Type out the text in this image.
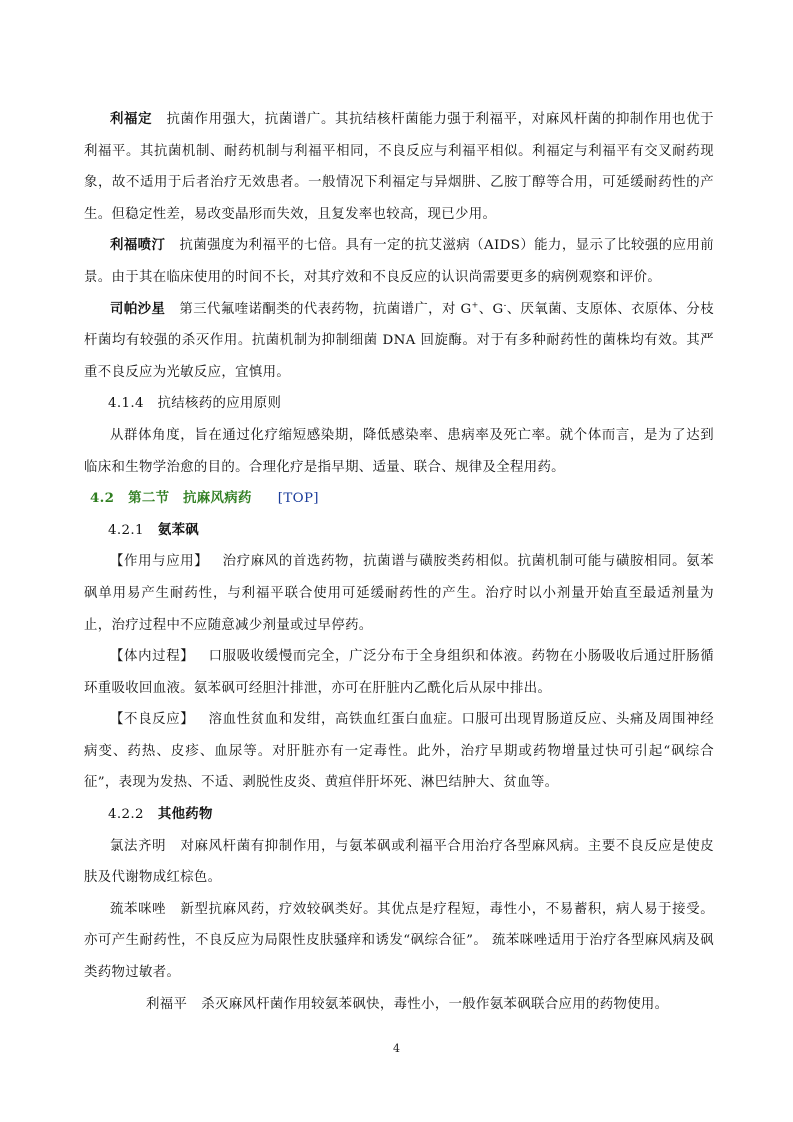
利福定 抗菌作用强大，抗菌谱广。其抗结核杆菌能力强于利福平，对麻风杆菌的抑制作用也优于利福平。其抗菌机制、耐药机制与利福平相同，不良反应与利福平相似。利福定与利福平有交叉耐药现象，故不适用于后者治疗无效患者。一般情况下利福定与异烟肼、乙胺丁醇等合用，可延缓耐药性的产生。但稳定性差，易改变晶形而失效，且复发率也较高，现已少用。

利福喷汀 抗菌强度为利福平的七倍。具有一定的抗艾滋病（AIDS）能力，显示了比较强的应用前景。由于其在临床使用的时间不长，对其疗效和不良反应的认识尚需要更多的病例观察和评价。

司帕沙星 第三代氟喹诺酮类的代表药物，抗菌谱广，对 G+、G-、厌氧菌、支原体、衣原体、分枝杆菌均有较强的杀灭作用。抗菌机制为抑制细菌 DNA 回旋酶。对于有多种耐药性的菌株均有效。其严重不良反应为光敏反应，宜慎用。

4.1.4　抗结核药的应用原则

从群体角度，旨在通过化疗缩短感染期，降低感染率、患病率及死亡率。就个体而言，是为了达到临床和生物学治愈的目的。合理化疗是指早期、适量、联合、规律及全程用药。

4.2　第二节　抗麻风病药 [TOP]

4.2.1 氨苯砜

【作用与应用】 治疗麻风的首选药物，抗菌谱与磺胺类药相似。抗菌机制可能与磺胺相同。氨苯砜单用易产生耐药性，与利福平联合使用可延缓耐药性的产生。治疗时以小剂量开始直至最适剂量为止，治疗过程中不应随意减少剂量或过早停药。

【体内过程】 口服吸收缓慢而完全，广泛分布于全身组织和体液。药物在小肠吸收后通过肝肠循环重吸收回血液。氨苯砜可经胆汁排泄，亦可在肝脏内乙酰化后从尿中排出。

【不良反应】 溶血性贫血和发绀，高铁血红蛋白血症。口服可出现胃肠道反应、头痛及周围神经病变、药热、皮疹、血尿等。对肝脏亦有一定毒性。此外，治疗早期或药物增量过快可引起“砜综合征”，表现为发热、不适、剥脱性皮炎、黄疸伴肝坏死、淋巴结肿大、贫血等。

4.2.2 其他药物

氯法齐明 对麻风杆菌有抑制作用，与氨苯砜或利福平合用治疗各型麻风病。主要不良反应是使皮肤及代谢物成红棕色。

巯苯咪唑 新型抗麻风药，疗效较砜类好。其优点是疗程短，毒性小，不易蓄积，病人易于接受。亦可产生耐药性，不良反应为局限性皮肤骚痒和诱发“砜综合征”。 巯苯咪唑适用于治疗各型麻风病及砜类药物过敏者。

利福平 杀灭麻风杆菌作用较氨苯砜快，毒性小，一般作氨苯砜联合应用的药物使用。

4
